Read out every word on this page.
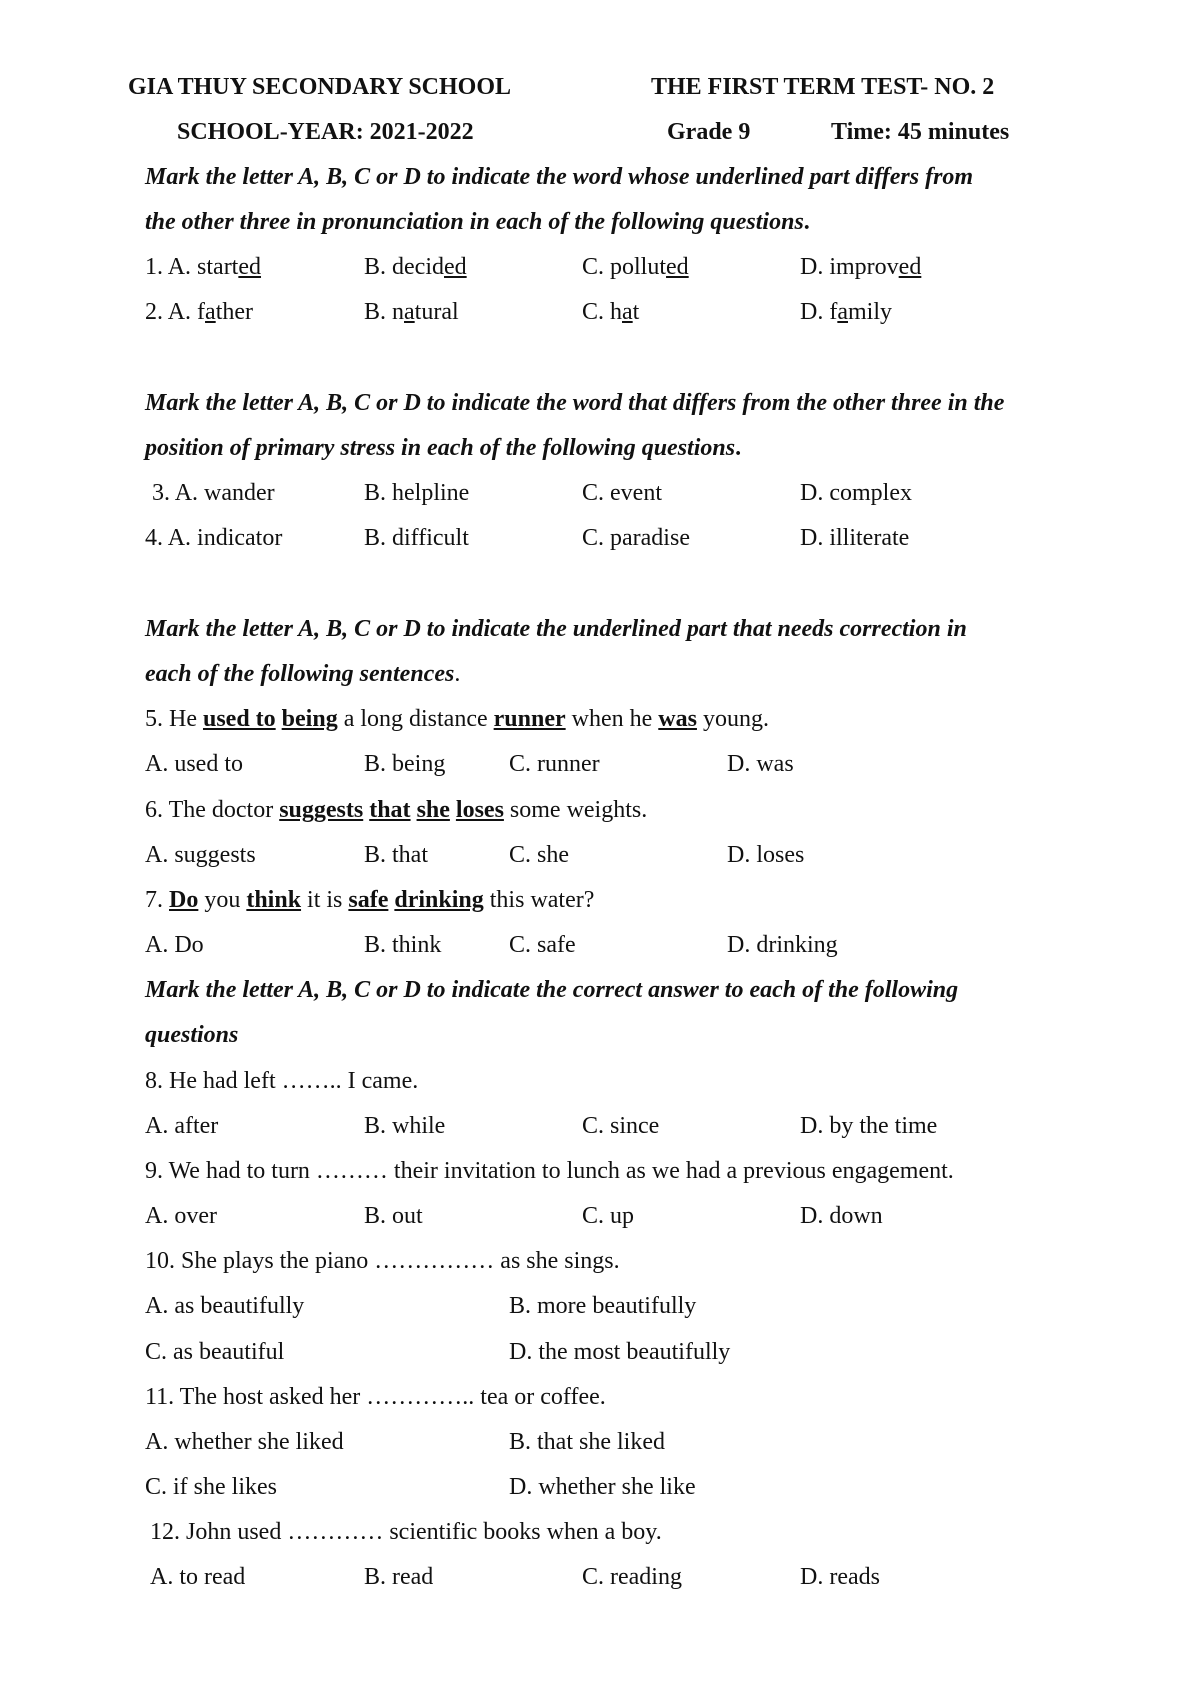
GIA THUY SECONDARY SCHOOL	THE FIRST TERM TEST- NO. 2
SCHOOL-YEAR: 2021-2022	Grade 9	Time: 45 minutes
Mark the letter A, B, C or D to indicate the word whose underlined part differs from
the other three in pronunciation in each of the following questions.
1. A. started	B. decided	C. polluted	D. improved
2. A. father	B. natural	C. hat	D. family
Mark the letter A, B, C or D to indicate the word that differs from the other three in the
position of primary stress in each of the following questions.
3. A. wander	B. helpline	C. event	D. complex
4. A. indicator	B. difficult	C. paradise	D. illiterate
Mark the letter A, B, C or D to indicate the underlined part that needs correction in
each of the following sentences.
5. He used to being a long distance runner when he was young.
A. used to	B. being	C. runner	D. was
6. The doctor suggests that she loses some weights.
A. suggests	B. that	C. she	D. loses
7. Do you think it is safe drinking this water?
A. Do	B. think	C. safe	D. drinking
Mark the letter A, B, C or D to indicate the correct answer to each of the following
questions
8. He had left …….. I came.
A. after	B. while	C. since	D. by the time
9. We had to turn ……… their invitation to lunch as we had a previous engagement.
A. over	B. out	C. up	D. down
10. She plays the piano …………… as she sings.
A. as beautifully	B. more beautifully
C. as beautiful	D. the most beautifully
11. The host asked her ………….. tea or coffee.
A. whether she liked	B. that she liked
C. if she likes	D. whether she like
12. John used ………… scientific books when a boy.
A. to read	B. read	C. reading	D. reads
